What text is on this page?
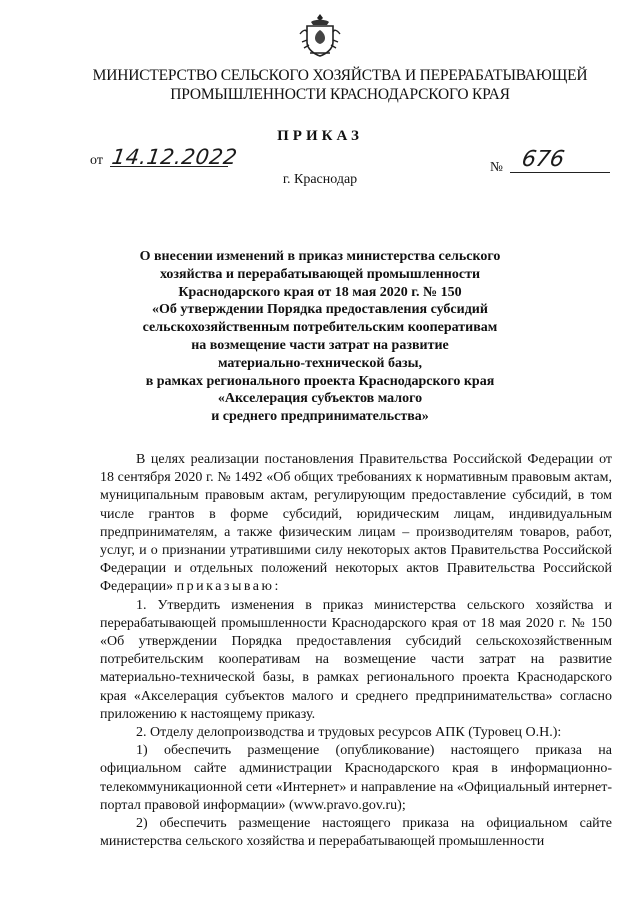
МИНИСТЕРСТВО СЕЛЬСКОГО ХОЗЯЙСТВА И ПЕРЕРАБАТЫВАЮЩЕЙ
ПРОМЫШЛЕННОСТИ КРАСНОДАРСКОГО КРАЯ
ПРИКАЗ
от 14.12.2022	№ 676
г. Краснодар
О внесении изменений в приказ министерства сельского
хозяйства и перерабатывающей промышленности
Краснодарского края от 18 мая 2020 г. № 150
«Об утверждении Порядка предоставления субсидий
сельскохозяйственным потребительским кооперативам
на возмещение части затрат на развитие
материально-технической базы,
в рамках регионального проекта Краснодарского края
«Акселерация субъектов малого
и среднего предпринимательства»

В целях реализации постановления Правительства Российской Федерации от 18 сентября 2020 г. № 1492 «Об общих требованиях к нормативным правовым актам, муниципальным правовым актам, регулирующим предоставление субсидий, в том числе грантов в форме субсидий, юридическим лицам, индивидуальным предпринимателям, а также физическим лицам – производителям товаров, работ, услуг, и о признании утратившими силу некоторых актов Правительства Российской Федерации и отдельных положений некоторых актов Правительства Российской Федерации» приказываю:

1. Утвердить изменения в приказ министерства сельского хозяйства и перерабатывающей промышленности Краснодарского края от 18 мая 2020 г. № 150 «Об утверждении Порядка предоставления субсидий сельскохозяйственным потребительским кооперативам на возмещение части затрат на развитие материально-технической базы, в рамках регионального проекта Краснодарского края «Акселерация субъектов малого и среднего предпринимательства» согласно приложению к настоящему приказу.

2. Отделу делопроизводства и трудовых ресурсов АПК (Туровец О.Н.):

1) обеспечить размещение (опубликование) настоящего приказа на официальном сайте администрации Краснодарского края в информационно-телекоммуникационной сети «Интернет» и направление на «Официальный интернет-портал правовой информации» (www.pravo.gov.ru);

2) обеспечить размещение настоящего приказа на официальном сайте министерства сельского хозяйства и перерабатывающей промышленности
